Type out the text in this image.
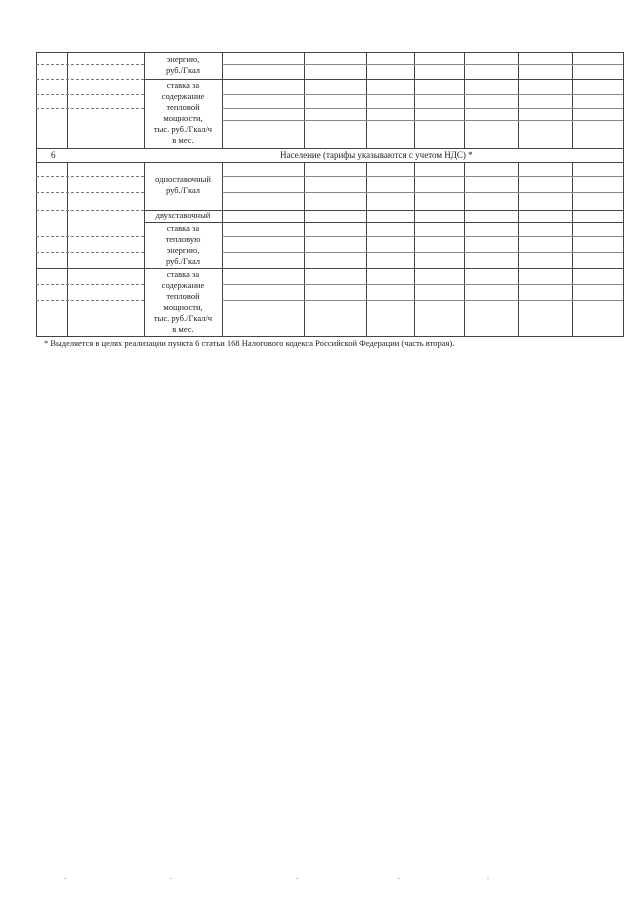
энергию,
руб./Гкал
ставка за
содержание
тепловой
мощности,
тыс. руб./Гкал/ч
в мес.
6	Население (тарифы указываются с учетом НДС) *
одноставочный
руб./Гкал
двухставочный
ставка за
тепловую
энергию,
руб./Гкал
ставка за
содержание
тепловой
мощности,
тыс. руб./Гкал/ч
в мес.
* Выделяется в целях реализации пункта 6 статьи 168 Налогового кодекса Российской Федерации (часть вторая).
